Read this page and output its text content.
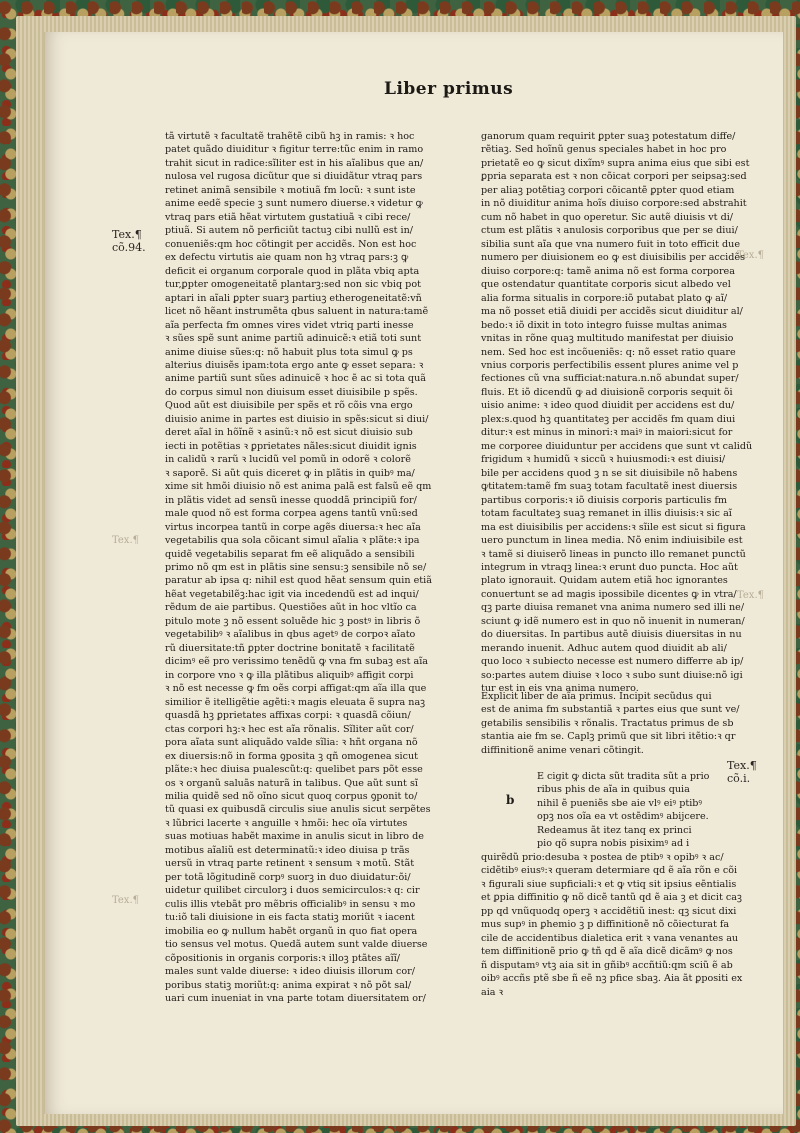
Liber primus
Tex.¶
cõ.94.
Tex.¶
cõ.i.
Tex.¶
Tex.¶
Tex.¶
Tex.¶
tã virtutẽ ꝛ facultatẽ trahẽtẽ cibũ hꝫ in ramis: ꝛ hoc
patet quãdo diuiditur ꝛ figitur terre:tũc enim in ramo
trahit sicut in radice:sĩliter est in his aĩalibus que an/
nulosa vel rugosa dicũtur que si diuidãtur vtraq pars
retinet animã sensibile ꝛ motiuã fm locũ: ꝛ sunt iste
anime eedẽ specie ꝫ sunt numero diuerse.ꝛ videtur ꝙ
vtraq pars etiã hẽat virtutem gustatiuã ꝛ cibi rece/
ptiuã. Si autem nõ perficiũt tactuꝫ cibi nullũ est in/
conueniẽs:qm hoc cõtingit per accidẽs. Non est hoc
ex defectu virtutis aie quam non hꝫ vtraq pars:ꝫ ꝙ
deficit ei organum corporale quod in plãta vbiq apta
tur,ꝑpter omogeneitatẽ plantarꝫ:sed non sic vbiq pot
aptari in aĩali ꝑpter suarꝫ partiuꝫ etherogeneitatẽ:vñ
licet nõ hẽant instrumẽta qbus saluent in natura:tamẽ
aĩa perfecta fm omnes vires videt vtriq parti inesse
ꝛ sũes spẽ sunt anime partiũ adinuicẽ:ꝛ etiã toti sunt
anime diuise sũes:q: nõ habuit plus tota simul ꝙ ps
alterius diuisẽs ipam:tota ergo ante ꝙ esset separa: ꝛ
anime partiũ sunt sũes adinuicẽ ꝛ hoc ẽ ac si tota quã
do corpus simul non diuisum esset diuisibile p spẽs.
Quod aũt est diuisibile per spẽs et rõ cõis vna ergo
diuisio anime in partes est diuisio in spẽs:sicut si diui/
deret aĩal in hõĩnẽ ꝛ asinũ:ꝛ nõ est sicut diuisio sub
iecti in potẽtias ꝛ ꝑprietates nãles:sicut diuidit ignis
in calidũ ꝛ rarũ ꝛ lucidũ vel pomũ in odorẽ ꝛ colorẽ
ꝛ saporẽ. Si aũt quis diceret ꝙ in plãtis in quibꝰ ma/
xime sit hmõi diuisio nõ est anima palã est falsũ eẽ qm
in plãtis videt ad sensũ inesse quoddã principiũ for/
male quod nõ est forma corpea agens tantũ vnũ:sed
virtus incorpea tantũ in corpe agẽs diuersa:ꝛ hec aĩa
vegetabilis qua sola cõicant simul aĩalia ꝛ plãte:ꝛ ipa
quidẽ vegetabilis separat fm eẽ aliquãdo a sensibili
primo nõ qm est in plãtis sine sensu:ꝫ sensibile nõ se/
paratur ab ipsa q: nihil est quod hẽat sensum quin etiã
hẽat vegetabilẽꝫ:hac igit via incedendũ est ad inqui/
rẽdum de aie partibus. Questiões aũt in hoc vltĩo ca
pitulo mote ꝫ nõ essent soluẽde hic ꝫ postꝰ in libris õ
vegetabilibꝰ ꝛ aĩalibus in qbus agetꝰ de corpoꝛ aĩato
rũ diuersitate:tñ ꝑpter doctrine bonitatẽ ꝛ facilitatẽ
dicimꝰ eẽ pro verissimo tenẽdũ ꝙ vna fm subaꝫ est aĩa
in corpore vno ꝛ ꝙ illa plãtibus aliquibꝰ affigit corpi
ꝛ nõ est necesse ꝙ fm oẽs corpi affigat:qm aĩa illa que
similior ẽ itelligẽtie agẽti:ꝛ magis eleuata ẽ supra naꝫ
quasdã hꝫ ꝑprietates affixas corpi: ꝛ quasdã cõiun/
ctas corpori hꝫ:ꝛ hec est aĩa rõnalis. Sĩliter aũt cor/
pora aĩata sunt aliquãdo valde sĩlia: ꝛ hñt organa nõ
ex diuersis:nõ in forma ꝯposita ꝫ qñ omogenea sicut
plãte:ꝛ hec diuisa pualescũt:q: quelibet pars põt esse
os ꝛ organũ saluãs naturã in talibus. Que aũt sunt sĩ
milia quidẽ sed nõ oĩno sicut quoq corpus ꝯponit to/
tũ quasi ex quibusdã circulis siue anulis sicut serpẽtes
ꝛ lũbrici lacerte ꝛ anguille ꝛ hmõi: hec oĩa virtutes
suas motiuas habẽt maxime in anulis sicut in libro de
motibus aĩaliũ est determinatũ:ꝛ ideo diuisa p trãs
uersũ in vtraq parte retinent ꝛ sensum ꝛ motũ. Stãt
per totã lõgitudinẽ corpꝰ suorꝫ in duo diuidatur:õi/
uidetur quilibet circulorꝫ i duos semicirculos:ꝛ q: cir
culis illis vtebãt pro mẽbris officialibꝰ in sensu ꝛ mo
tu:iõ tali diuisione in eis facta statiꝫ moriũt ꝛ iacent
imobilia eo ꝙ nullum habẽt organũ in quo fiat opera
tio sensus vel motus. Quedã autem sunt valde diuerse
cõpositionis in organis corporis:ꝛ illoꝫ ptãtes aĩĩ/
males sunt valde diuerse: ꝛ ideo diuisis illorum cor/
poribus statiꝫ moriũt:q: anima expirat ꝛ nõ põt sal/
uari cum inueniat in vna parte totam diuersitatem or/
ganorum quam requirit ꝑpter suaꝫ potestatum diffe/
rẽtiaꝫ. Sed hoĩnũ genus speciales habet in hoc pro
prietatẽ eo ꝙ sicut dixĩmꝰ supra anima eius que sibi est
ꝑpria separata est ꝛ non cõicat corpori per seipsaꝫ:sed
per aliaꝫ potẽtiaꝫ corpori cõicantẽ ꝑpter quod etiam
in nõ diuiditur anima hoĩs diuiso corpore:sed abstrahit
cum nõ habet in quo operetur. Sic autẽ diuisis vt di/
ctum est plãtis ꝛ anulosis corporibus que per se diui/
sibilia sunt aĩa que vna numero fuit in toto efficit due
numero per diuisionem eo ꝙ est diuisibilis per accidẽs
diuiso corpore:q: tamẽ anima nõ est forma corporea
que ostendatur quantitate corporis sicut albedo vel
alia forma situalis in corpore:iõ putabat plato ꝙ aĩ/
ma nõ posset etiã diuidi per accidẽs sicut diuiditur al/
bedo:ꝛ iõ dixit in toto integro fuisse multas animas
vnitas in rõne quaꝫ multitudo manifestat per diuisio
nem. Sed hoc est incõueniẽs: q: nõ esset ratio quare
vnius corporis perfectibilis essent plures anime vel p
fectiones cũ vna sufficiat:natura.n.nõ abundat super/
fluis. Et iõ dicendũ ꝙ ad diuisionẽ corporis sequit õi
uisio anime: ꝛ ideo quod diuidit per accidens est du/
plex:s.quod hꝫ quantitateꝫ per accidẽs fm quam diui
ditur:ꝛ est minus in minori:ꝛ maiꝰ in maiori:sicut for
me corporee diuiduntur per accidens que sunt vt calidũ
frigidum ꝛ humidũ ꝛ siccũ ꝛ huiusmodi:ꝛ est diuisi/
bile per accidens quod ꝫ n se sit diuisibile nõ habens
ꝙtitatem:tamẽ fm suaꝫ totam facultatẽ inest diuersis
partibus corporis:ꝛ iõ diuisis corporis particulis fm
totam facultateꝫ suaꝫ remanet in illis diuisis:ꝛ sic aĩ
ma est diuisibilis per accidens:ꝛ sĩile est sicut si figura
uero punctum in linea media. Nõ enim indiuisibile est
ꝛ tamẽ si diuiserõ lineas in puncto illo remanet punctũ
integrum in vtraqꝫ linea:ꝛ erunt duo puncta. Hoc aũt
plato ignorauit. Quidam autem etiã hoc ignorantes
conuertunt se ad magis ipossibile dicentes ꝙ in vtra/
qꝫ parte diuisa remanet vna anima numero sed illi ne/
sciunt ꝙ idẽ numero est in quo nõ inuenit in numeran/
do diuersitas. In partibus autẽ diuisis diuersitas in nu
merando inuenit. Adhuc autem quod diuidit ab ali/
quo loco ꝛ subiecto necesse est numero differre ab ip/
so:partes autem diuise ꝛ loco ꝛ subo sunt diuise:nõ igi
tur est in eis vna anima numero.
Explicit liber de aĩa primus. Incipit secũdus qui
est de anima fm substantiã ꝛ partes eius que sunt ve/
getabilis sensibilis ꝛ rõnalis. Tractatus primus de sb
stantia aie fm se. Caplꝫ primũ que sit libri itẽtio:ꝛ qr
diffinitionẽ anime venari cõtingit.
b
E cigit ꝙ dicta sũt tradita sũt a prio
ribus phis de aĩa in quibus quia
nihil ẽ pueniẽs sbe aie vlꝰ eiꝰ ptibꝰ
opꝫ nos oĩa ea vt ostẽdimꝰ abijcere.
Redeamus ãt itez tanq ex princi
pio qõ supra nobis pisiximꝰ ad i
quirẽdũ prio:desuba ꝛ postea de ptibꝰ ꝛ opibꝰ ꝛ ac/
cidẽtibꝰ eiusꝰ:ꝛ queram determiare qd ẽ aĩa rõn e cõi
ꝛ figurali siue supficiali:ꝛ et ꝙ vtiq sit ipsius eẽntialis
et ꝑpia diffinitio ꝙ nõ dicẽ tantũ qd ẽ aia ꝫ et dicit caꝫ
pp qd vnũquodq operꝫ ꝛ accidẽtiũ inest: qꝫ sicut dixi
mus supꝰ in ꝑhemio ꝫ p diffinitionẽ nõ cõiecturat fa
cile de accidentibus dialetica erit ꝛ vana venantes au
tem diffinitionẽ prio ꝙ tñ qd ẽ aĩa dicẽ dicãmꝰ ꝙ nos
ñ disputamꝰ vtꝫ aia sit in gñibꝰ accñtiũ:qm sciũ ẽ ab
oibꝰ accñs ptẽ sbe ñ eẽ nꝫ pfice sbaꝫ. Aia ãt ꝑpositi ex
aia ꝛ
